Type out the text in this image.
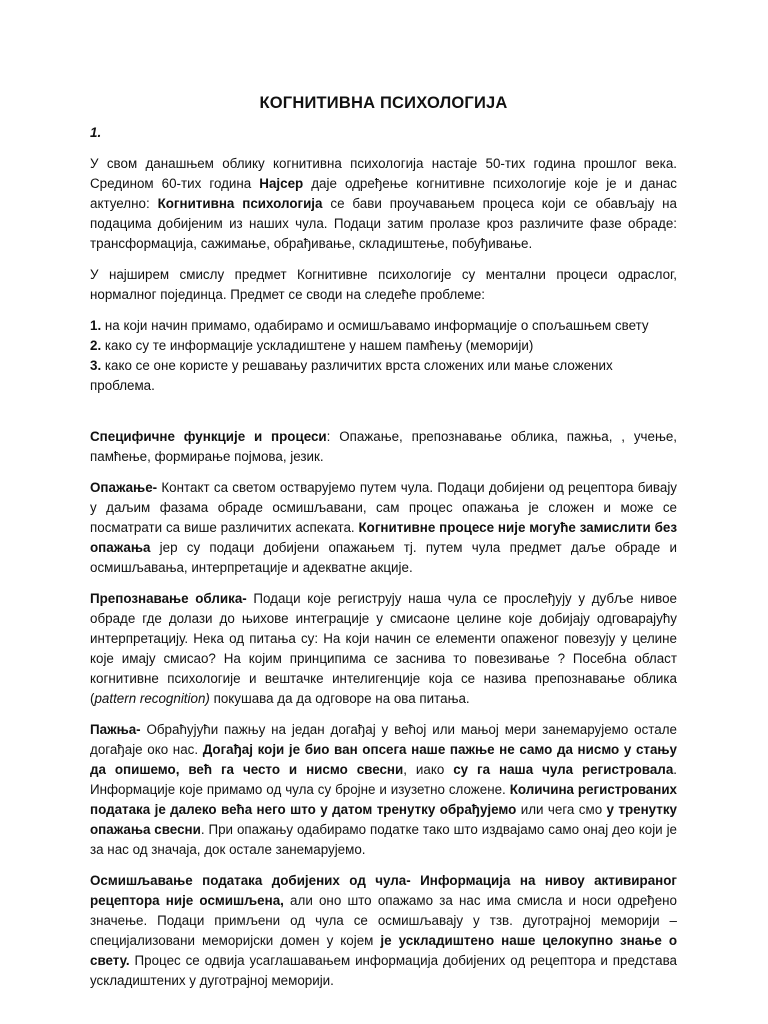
КОГНИТИВНА ПСИХОЛОГИЈА

1.

У свом данашњем облику когнитивна психологија настаје 50-тих година прошлог века. Средином 60-тих година Најсер даје одређење когнитивне психологије које је и данас актуелно: Когнитивна психологија се бави проучавањем процеса који се обављају на подацима добијеним из наших чула. Подаци затим пролазе кроз различите фазе обраде: трансформација, сажимање, обрађивање, складиштење, побуђивање.

У најширем смислу предмет Когнитивне психологије су ментални процеси одраслог, нормалног појединца. Предмет се своди на следеће проблеме:

1. на који начин примамо, одабирамо и осмишљавамо информације о спољашњем свету

2. како су те информације ускладиштене у нашем памћењу (меморији)

3. како се оне користе у решавању различитих врста сложених или мање сложених проблема.

Специфичне функције и процеси: Опажање, препознавање облика, пажња, , учење, памћење, формирање појмова, језик.

Опажање- Контакт са светом остварујемо путем чула. Подаци добијени од рецептора бивају у даљим фазама обраде осмишљавани, сам процес опажања је сложен и може се посматрати са више различитих аспеката. Когнитивне процесе није могуће замислити без опажања јер су подаци добијени опажањем тј. путем чула предмет даље обраде и осмишљавања, интерпретације и адекватне акције.

Препознавање облика- Подаци које региструју наша чула се прослеђују у дубље нивое обраде где долази до њихове интеграције у смисаоне целине које добијају одговарајућу интерпретацију. Нека од питања су: На који начин се елементи опаженог повезују у целине које имају смисао? На којим принципима се заснива то повезивање ? Посебна област когнитивне психологије и вештачке интелигенције која се назива препознавање облика (pattern recognition) покушава да да одговоре на ова питања.

Пажња- Обраћујући пажњу на један догађај у већој или мањој мери занемарујемо остале догађаје око нас. Догађај који је био ван опсега наше пажње не само да нисмо у стању да опишемо, већ га често и нисмо свесни, иако су га наша чула регистровала. Информације које примамо од чула су бројне и изузетно сложене. Количина регистрованих података је далеко већа него што у датом тренутку обрађујемо или чега смо у тренутку опажања свесни. При опажању одабирамо податке тако што издвајамо само онај део који је за нас од значаја, док остале занемарујемо.

Осмишљавање података добијених од чула- Информација на нивоу активираног рецептора није осмишљена, али оно што опажамо за нас има смисла и носи одређено значење. Подаци примљени од чула се осмишљавају у тзв. дуготрајној меморији – специјализовани меморијски домен у којем је ускладиштено наше целокупно знање о свету. Процес се одвија усаглашавањем информација добијених од рецептора и представа ускладиштених у дуготрајној меморији.
